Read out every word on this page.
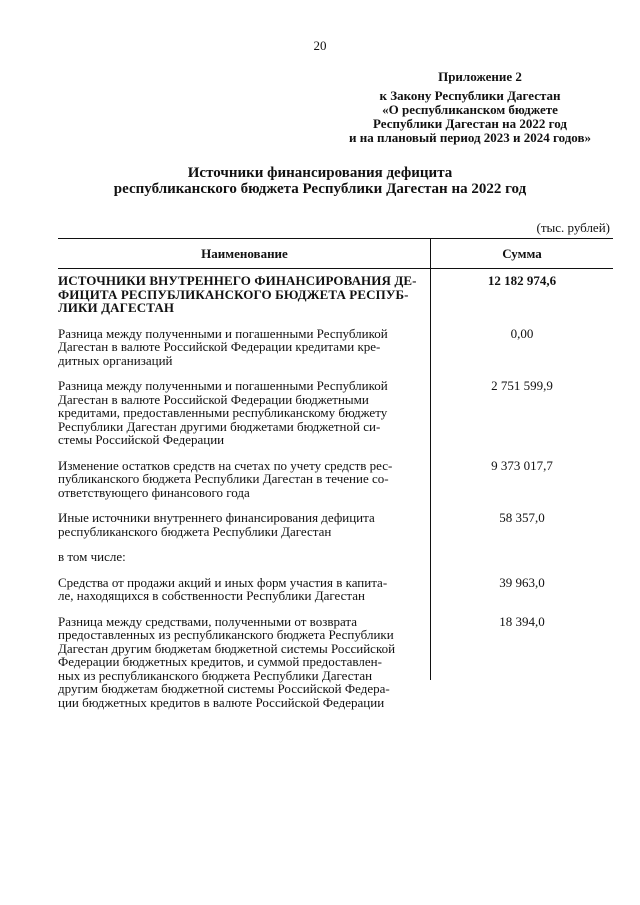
20
Приложение 2
к Закону Республики Дагестан
«О республиканском бюджете
Республики Дагестан на 2022 год
и на плановый период 2023 и 2024 годов»
Источники финансирования дефицита
республиканского бюджета Республики Дагестан на 2022 год
(тыс. рублей)
Наименование	Сумма
ИСТОЧНИКИ ВНУТРЕННЕГО ФИНАНСИРОВАНИЯ ДЕ-
ФИЦИТА РЕСПУБЛИКАНСКОГО БЮДЖЕТА РЕСПУБ-
ЛИКИ ДАГЕСТАН
12 182 974,6
Разница между полученными и погашенными Республикой
Дагестан в валюте Российской Федерации кредитами кре-
дитных организаций
0,00
Разница между полученными и погашенными Республикой
Дагестан в валюте Российской Федерации бюджетными
кредитами, предоставленными республиканскому бюджету
Республики Дагестан другими бюджетами бюджетной си-
стемы Российской Федерации
2 751 599,9
Изменение остатков средств на счетах по учету средств рес-
публиканского бюджета Республики Дагестан в течение со-
ответствующего финансового года
9 373 017,7
Иные источники внутреннего финансирования дефицита
республиканского бюджета Республики Дагестан
58 357,0
в том числе:
Средства от продажи акций и иных форм участия в капита-
ле, находящихся в собственности Республики Дагестан
39 963,0
Разница между средствами, полученными от возврата
предоставленных из республиканского бюджета Республики
Дагестан другим бюджетам бюджетной системы Российской
Федерации бюджетных кредитов, и суммой предоставлен-
ных из республиканского бюджета Республики Дагестан
другим бюджетам бюджетной системы Российской Федера-
ции бюджетных кредитов в валюте Российской Федерации
18 394,0
